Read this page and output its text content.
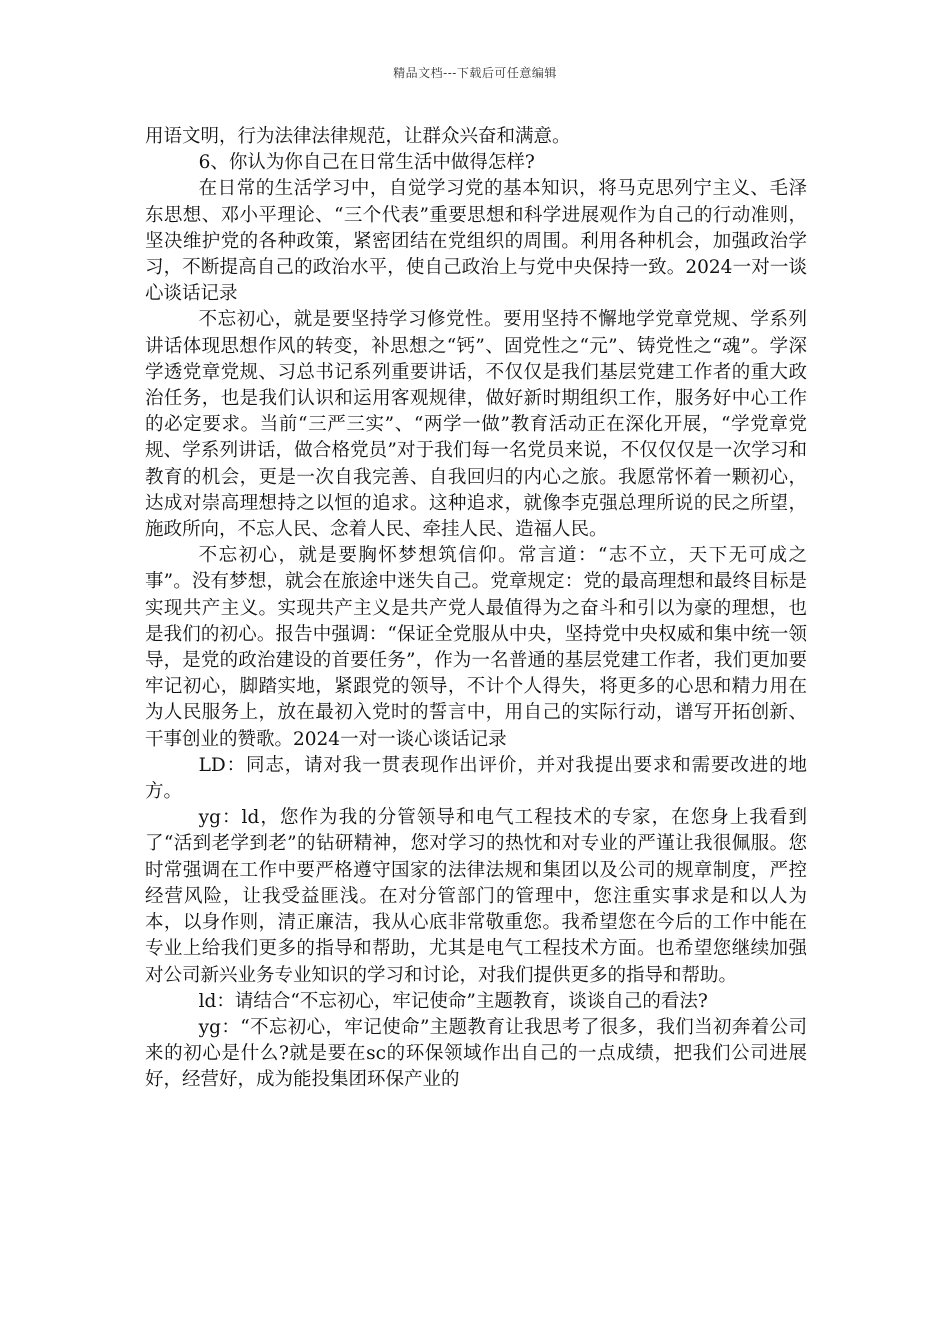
精品文档---下载后可任意编辑

用语文明，行为法律法律规范，让群众兴奋和满意。

6、你认为你自己在日常生活中做得怎样?

在日常的生活学习中，自觉学习党的基本知识，将马克思列宁主义、毛泽东思想、邓小平理论、“三个代表”重要思想和科学进展观作为自己的行动准则，坚决维护党的各种政策，紧密团结在党组织的周围。利用各种机会，加强政治学习，不断提高自己的政治水平，使自己政治上与党中央保持一致。2024一对一谈心谈话记录

不忘初心，就是要坚持学习修党性。要用坚持不懈地学党章党规、学系列讲话体现思想作风的转变，补思想之“钙”、固党性之“元”、铸党性之“魂”。学深学透党章党规、习总书记系列重要讲话，不仅仅是我们基层党建工作者的重大政治任务，也是我们认识和运用客观规律，做好新时期组织工作，服务好中心工作的必定要求。当前“三严三实”、“两学一做”教育活动正在深化开展，“学党章党规、学系列讲话，做合格党员”对于我们每一名党员来说，不仅仅仅是一次学习和教育的机会，更是一次自我完善、自我回归的内心之旅。我愿常怀着一颗初心，达成对崇高理想持之以恒的追求。这种追求，就像李克强总理所说的民之所望，施政所向，不忘人民、念着人民、牵挂人民、造福人民。

不忘初心，就是要胸怀梦想筑信仰。常言道：“志不立，天下无可成之事”。没有梦想，就会在旅途中迷失自己。党章规定：党的最高理想和最终目标是实现共产主义。实现共产主义是共产党人最值得为之奋斗和引以为豪的理想，也是我们的初心。报告中强调：“保证全党服从中央，坚持党中央权威和集中统一领导，是党的政治建设的首要任务”，作为一名普通的基层党建工作者，我们更加要牢记初心，脚踏实地，紧跟党的领导，不计个人得失，将更多的心思和精力用在为人民服务上，放在最初入党时的誓言中，用自己的实际行动，谱写开拓创新、干事创业的赞歌。2024一对一谈心谈话记录

LD：同志，请对我一贯表现作出评价，并对我提出要求和需要改进的地方。

yg：ld，您作为我的分管领导和电气工程技术的专家，在您身上我看到了“活到老学到老”的钻研精神，您对学习的热忱和对专业的严谨让我很佩服。您时常强调在工作中要严格遵守国家的法律法规和集团以及公司的规章制度，严控经营风险，让我受益匪浅。在对分管部门的管理中，您注重实事求是和以人为本，以身作则，清正廉洁，我从心底非常敬重您。我希望您在今后的工作中能在专业上给我们更多的指导和帮助，尤其是电气工程技术方面。也希望您继续加强对公司新兴业务专业知识的学习和讨论，对我们提供更多的指导和帮助。

ld：请结合“不忘初心，牢记使命”主题教育，谈谈自己的看法?

yg：“不忘初心，牢记使命”主题教育让我思考了很多，我们当初奔着公司来的初心是什么?就是要在sc的环保领域作出自己的一点成绩，把我们公司进展好，经营好，成为能投集团环保产业的
